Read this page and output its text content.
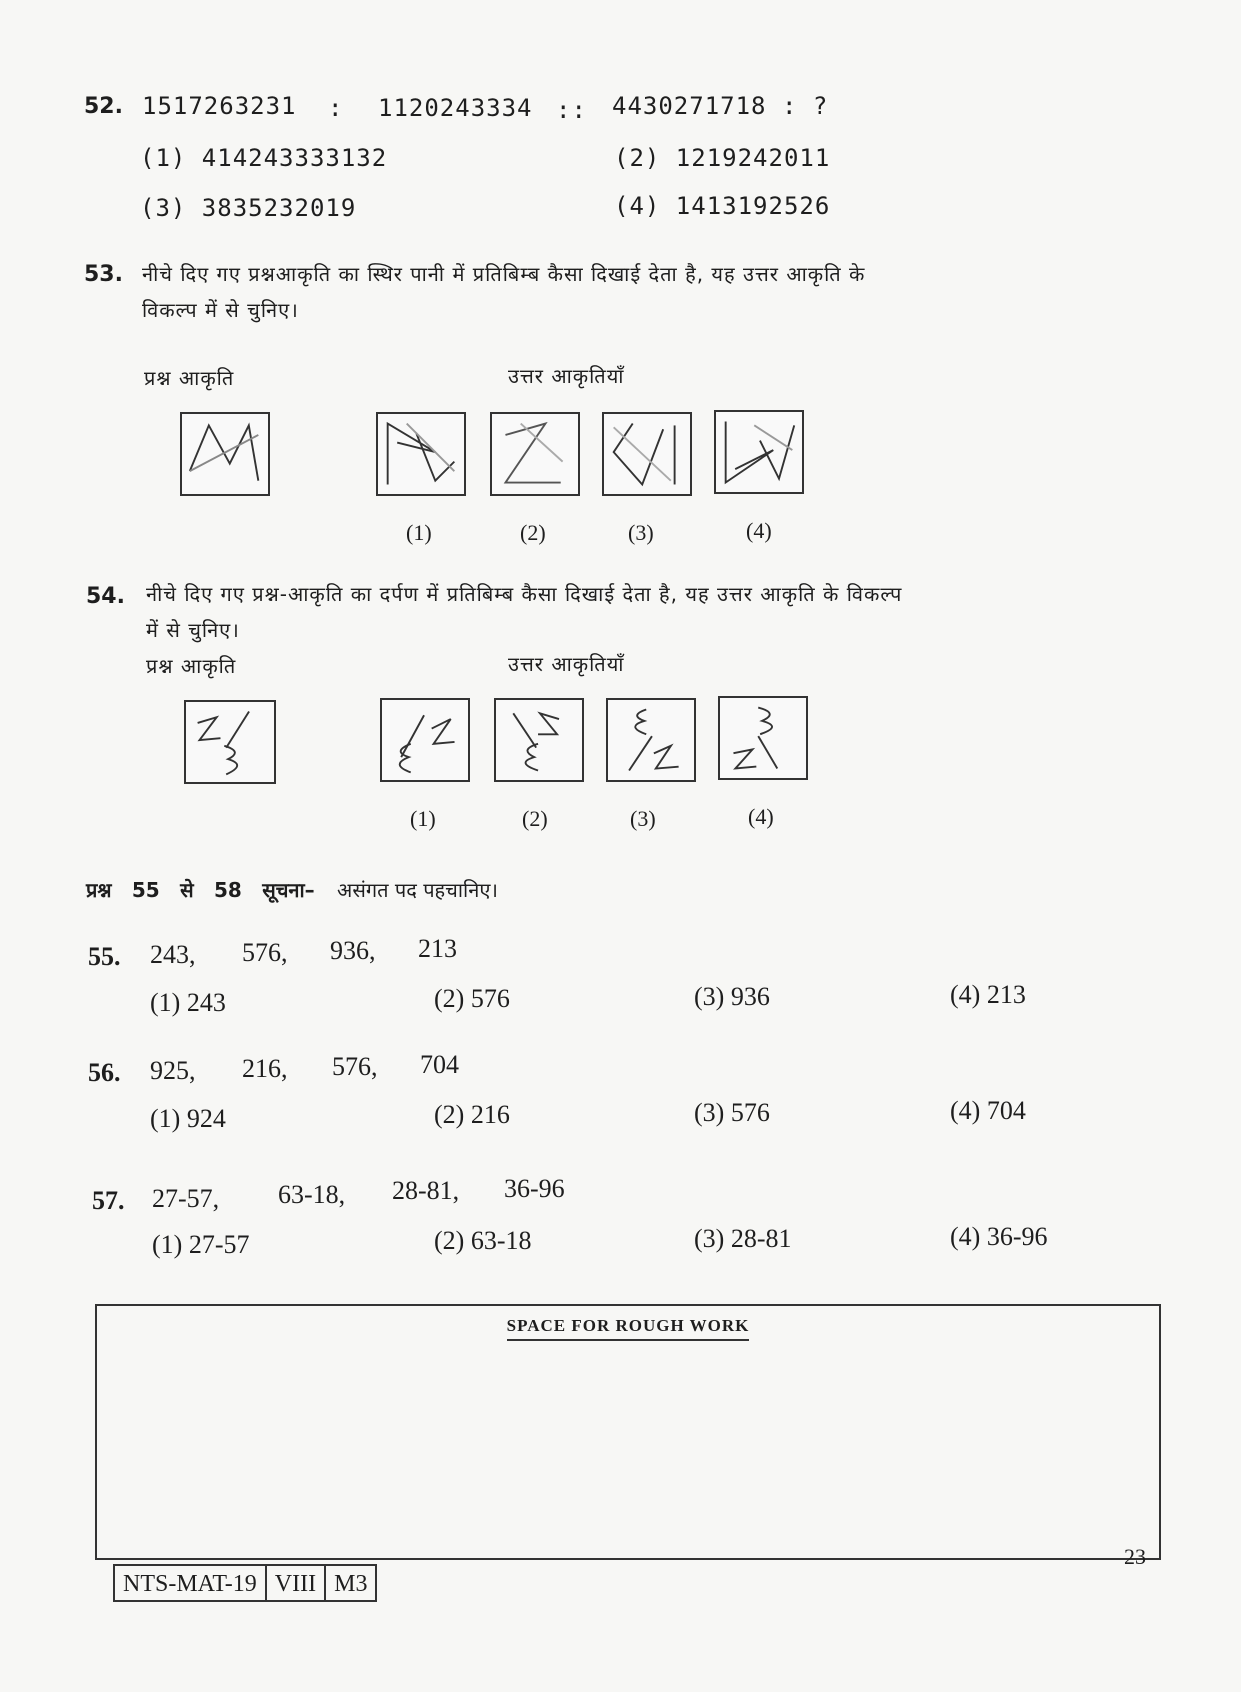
52. 1517263231 : 1120243334 :: 4430271718 : ?
(1) 414243333132	(2) 1219242011
(3) 3835232019	(4) 1413192526
53. नीचे दिए गए प्रश्नआकृति का स्थिर पानी में प्रतिबिम्ब कैसा दिखाई देता है, यह उत्तर आकृति के
विकल्प में से चुनिए।
प्रश्न आकृति	उत्तर आकृतियाँ
(1)	(2)	(3)	(4)
54. नीचे दिए गए प्रश्न-आकृति का दर्पण में प्रतिबिम्ब कैसा दिखाई देता है, यह उत्तर आकृति के विकल्प
में से चुनिए।
प्रश्न आकृति	उत्तर आकृतियाँ
(1)	(2)	(3)	(4)
प्रश्न 55 से 58 सूचना– असंगत पद पहचानिए।
55. 243, 576, 936, 213
(1) 243	(2) 576	(3) 936	(4) 213
56. 925, 216, 576, 704
(1) 924	(2) 216	(3) 576	(4) 704
57. 27-57, 63-18, 28-81, 36-96
(1) 27-57	(2) 63-18	(3) 28-81	(4) 36-96
SPACE FOR ROUGH WORK
NTS-MAT-19 VIII M3
23
